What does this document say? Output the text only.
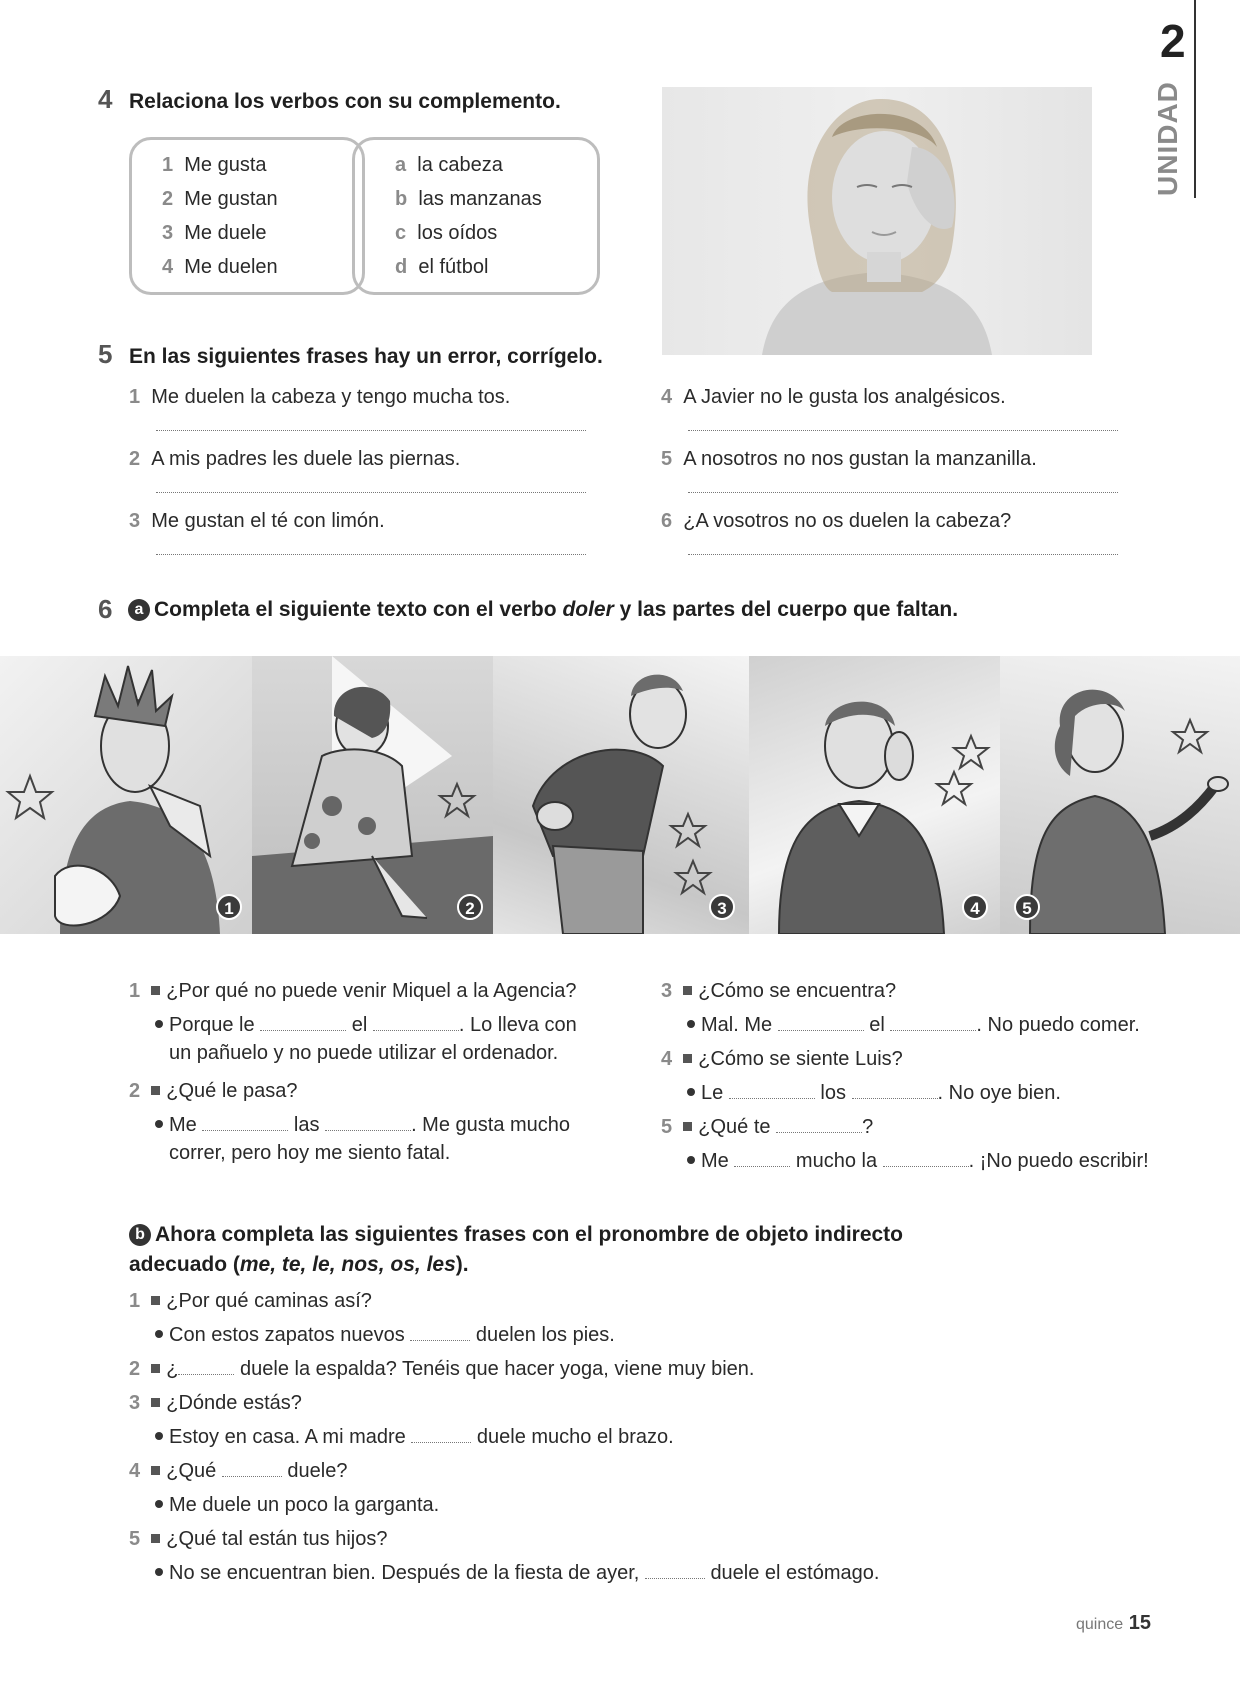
2
UNIDAD
4 Relaciona los verbos con su complemento.
1 Me gusta
2 Me gustan
3 Me duele
4 Me duelen
a la cabeza
b las manzanas
c los oídos
d el fútbol
5 En las siguientes frases hay un error, corrígelo.
1 Me duelen la cabeza y tengo mucha tos.
2 A mis padres les duele las piernas.
3 Me gustan el té con limón.
4 A Javier no le gusta los analgésicos.
5 A nosotros no nos gustan la manzanilla.
6 ¿A vosotros no os duelen la cabeza?
6	a Completa el siguiente texto con el verbo doler y las partes del cuerpo que faltan.
1	2	3	4	5
1 ¿Por qué no puede venir Miquel a la Agencia?
Porque le	el	. Lo lleva con
un pañuelo y no puede utilizar el ordenador.
2 ¿Qué le pasa?
Me	las	. Me gusta mucho
correr, pero hoy me siento fatal.
3 ¿Cómo se encuentra?
Mal. Me	el	. No puedo comer.
4 ¿Cómo se siente Luis?
Le	los	. No oye bien.
5 ¿Qué te	?
Me	mucho la	. ¡No puedo escribir!
b Ahora completa las siguientes frases con el pronombre de objeto indirecto
adecuado (me, te, le, nos, os, les).
1 ¿Por qué caminas así?
Con estos zapatos nuevos	duelen los pies.
2 ¿	duele la espalda? Tenéis que hacer yoga, viene muy bien.
3 ¿Dónde estás?
Estoy en casa. A mi madre	duele mucho el brazo.
4 ¿Qué	duele?
Me duele un poco la garganta.
5 ¿Qué tal están tus hijos?
No se encuentran bien. Después de la fiesta de ayer,	duele el estómago.
quince 15
